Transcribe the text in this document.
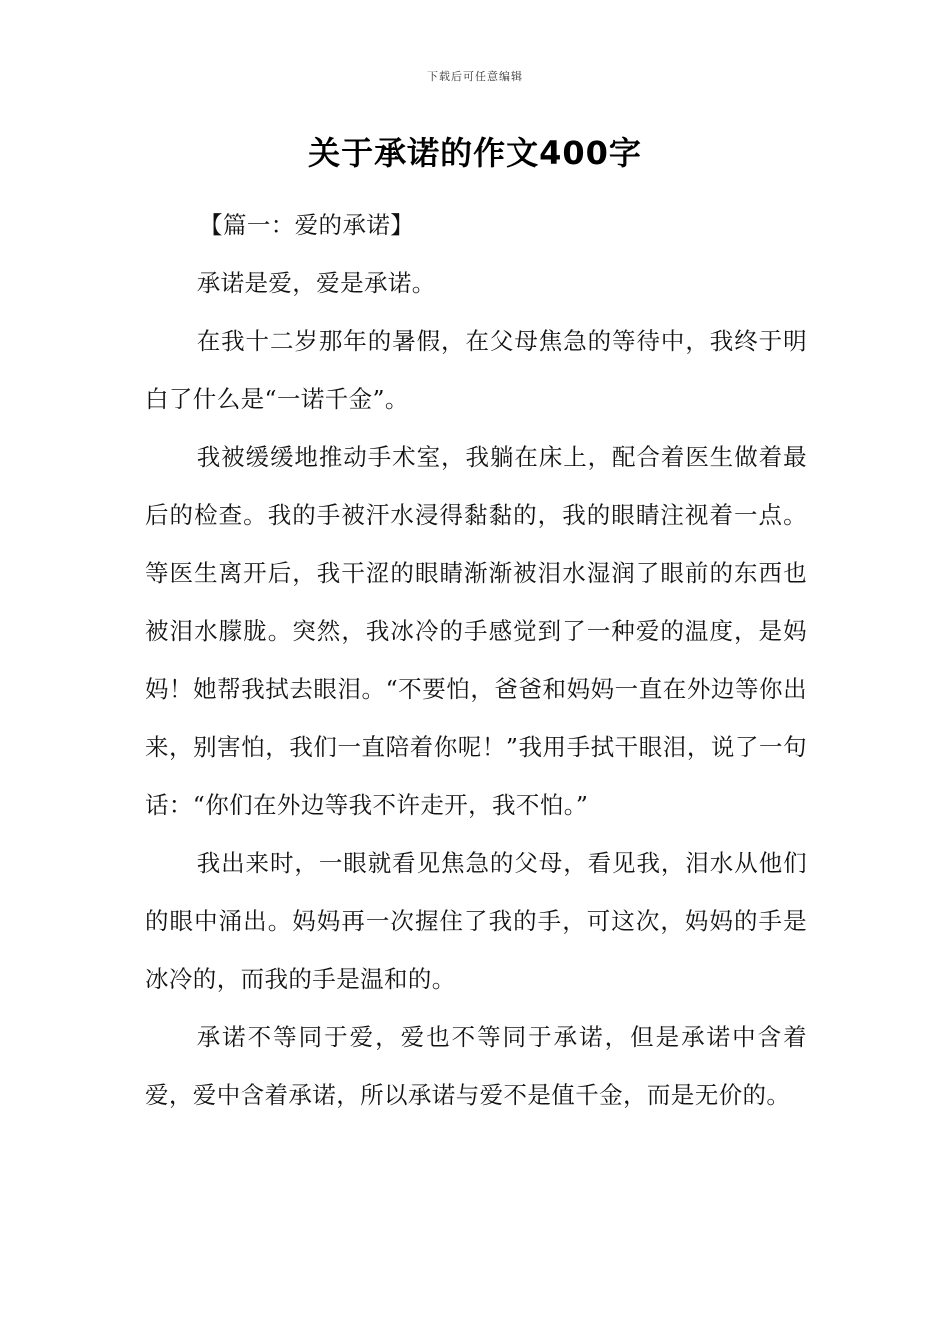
下载后可任意编辑
关于承诺的作文400字

【篇一：爱的承诺】

承诺是爱，爱是承诺。

在我十二岁那年的暑假，在父母焦急的等待中，我终于明白了什么是“一诺千金”。

我被缓缓地推动手术室，我躺在床上，配合着医生做着最后的检查。我的手被汗水浸得黏黏的，我的眼睛注视着一点。等医生离开后，我干涩的眼睛渐渐被泪水湿润了眼前的东西也被泪水朦胧。突然，我冰冷的手感觉到了一种爱的温度，是妈妈！她帮我拭去眼泪。“不要怕，爸爸和妈妈一直在外边等你出来，别害怕，我们一直陪着你呢！”我用手拭干眼泪，说了一句话：“你们在外边等我不许走开，我不怕。”

我出来时，一眼就看见焦急的父母，看见我，泪水从他们的眼中涌出。妈妈再一次握住了我的手，可这次，妈妈的手是冰冷的，而我的手是温和的。

承诺不等同于爱，爱也不等同于承诺，但是承诺中含着爱，爱中含着承诺，所以承诺与爱不是值千金，而是无价的。
